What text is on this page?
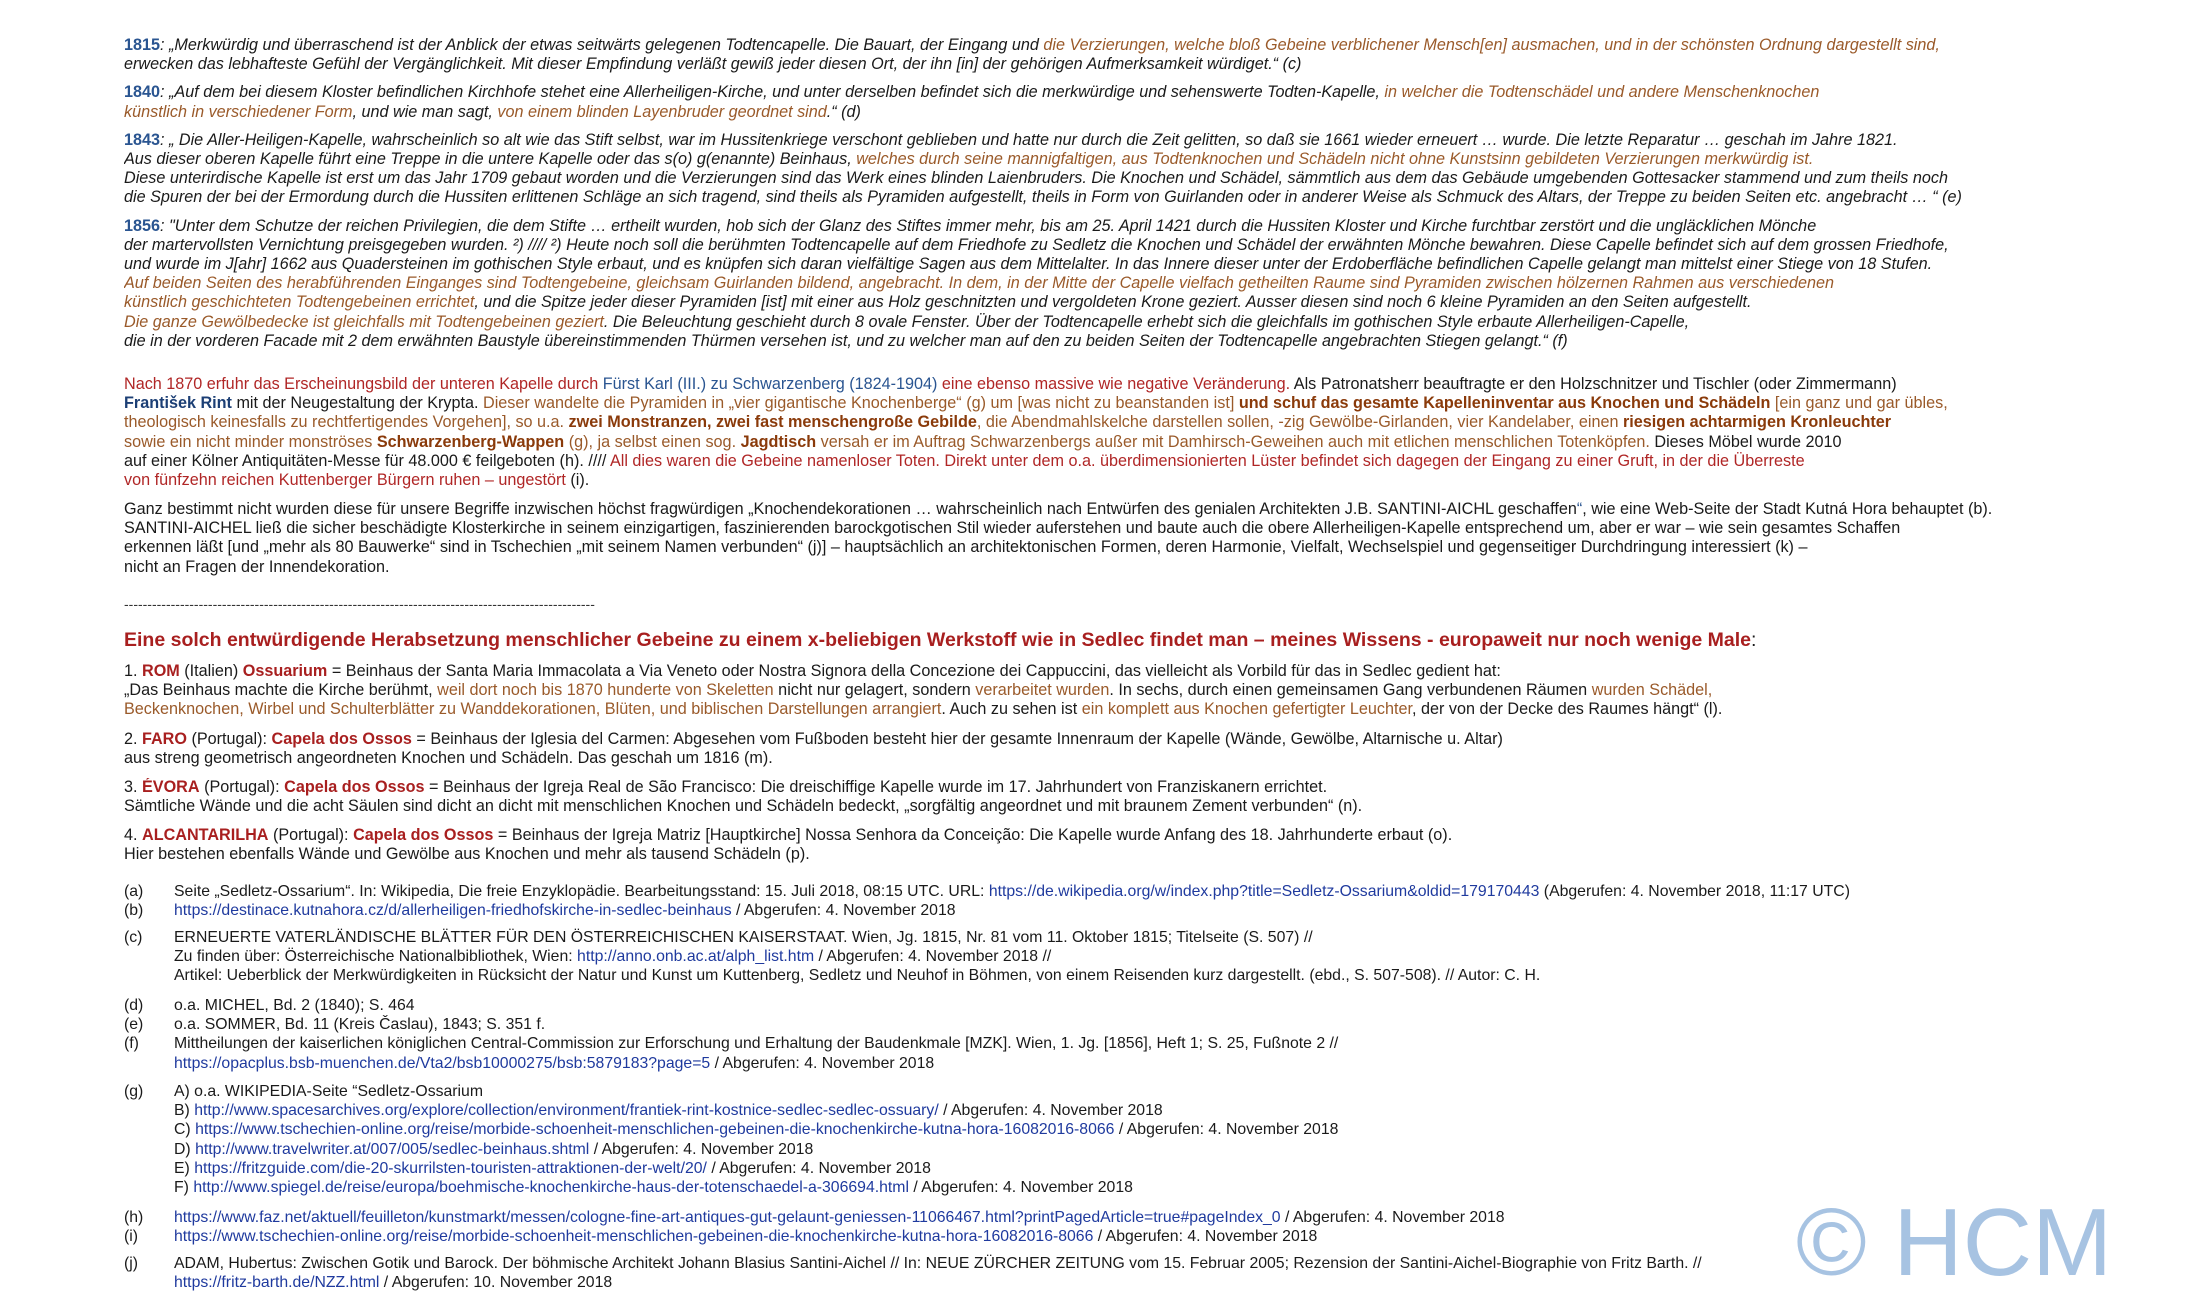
1815: „Merkwürdig und überraschend ist der Anblick der etwas seitwärts gelegenen Todtencapelle. Die Bauart, der Eingang und die Verzierungen, welche bloß Gebeine verblichener Mensch[en] ausmachen, und in der schönsten Ordnung dargestellt sind,

erwecken das lebhafteste Gefühl der Vergänglichkeit. Mit dieser Empfindung verläßt gewiß jeder diesen Ort, der ihn [in] der gehörigen Aufmerksamkeit würdiget.“ (c)

1840: „Auf dem bei diesem Kloster befindlichen Kirchhofe stehet eine Allerheiligen-Kirche, und unter derselben befindet sich die merkwürdige und sehenswerte Todten-Kapelle, in welcher die Todtenschädel und andere Menschenknochen

künstlich in verschiedener Form, und wie man sagt, von einem blinden Layenbruder geordnet sind.“ (d)

1843: „ Die Aller-Heiligen-Kapelle, wahrscheinlich so alt wie das Stift selbst, war im Hussitenkriege verschont geblieben und hatte nur durch die Zeit gelitten, so daß sie 1661 wieder erneuert … wurde. Die letzte Reparatur … geschah im Jahre 1821.

Aus dieser oberen Kapelle führt eine Treppe in die untere Kapelle oder das s(o) g(enannte) Beinhaus, welches durch seine mannigfaltigen, aus Todtenknochen und Schädeln nicht ohne Kunstsinn gebildeten Verzierungen merkwürdig ist.

Diese unterirdische Kapelle ist erst um das Jahr 1709 gebaut worden und die Verzierungen sind das Werk eines blinden Laienbruders. Die Knochen und Schädel, sämmtlich aus dem das Gebäude umgebenden Gottesacker stammend und zum theils noch

die Spuren der bei der Ermordung durch die Hussiten erlittenen Schläge an sich tragend, sind theils als Pyramiden aufgestellt, theils in Form von Guirlanden oder in anderer Weise als Schmuck des Altars, der Treppe zu beiden Seiten etc. angebracht … “ (e)

1856: "Unter dem Schutze der reichen Privilegien, die dem Stifte … ertheilt wurden, hob sich der Glanz des Stiftes immer mehr, bis am 25. April 1421 durch die Hussiten Kloster und Kirche furchtbar zerstört und die ungläcklichen Mönche

der martervollsten Vernichtung preisgegeben wurden. ²) //// ²) Heute noch soll die berühmten Todtencapelle auf dem Friedhofe zu Sedletz die Knochen und Schädel der erwähnten Mönche bewahren. Diese Capelle befindet sich auf dem grossen Friedhofe,

und wurde im J[ahr] 1662 aus Quadersteinen im gothischen Style erbaut, und es knüpfen sich daran vielfältige Sagen aus dem Mittelalter. In das Innere dieser unter der Erdoberfläche befindlichen Capelle gelangt man mittelst einer Stiege von 18 Stufen.

Auf beiden Seiten des herabführenden Einganges sind Todtengebeine, gleichsam Guirlanden bildend, angebracht. In dem, in der Mitte der Capelle vielfach getheilten Raume sind Pyramiden zwischen hölzernen Rahmen aus verschiedenen

künstlich geschichteten Todtengebeinen errichtet, und die Spitze jeder dieser Pyramiden [ist] mit einer aus Holz geschnitzten und vergoldeten Krone geziert. Ausser diesen sind noch 6 kleine Pyramiden an den Seiten aufgestellt.

Die ganze Gewölbedecke ist gleichfalls mit Todtengebeinen geziert. Die Beleuchtung geschieht durch 8 ovale Fenster. Über der Todtencapelle erhebt sich die gleichfalls im gothischen Style erbaute Allerheiligen-Capelle,

die in der vorderen Facade mit 2 dem erwähnten Baustyle übereinstimmenden Thürmen versehen ist, und zu welcher man auf den zu beiden Seiten der Todtencapelle angebrachten Stiegen gelangt.“ (f)

Nach 1870 erfuhr das Erscheinungsbild der unteren Kapelle durch Fürst Karl (III.) zu Schwarzenberg (1824-1904) eine ebenso massive wie negative Veränderung. Als Patronatsherr beauftragte er den Holzschnitzer und Tischler (oder Zimmermann)

František Rint mit der Neugestaltung der Krypta. Dieser wandelte die Pyramiden in „vier gigantische Knochenberge“ (g) um [was nicht zu beanstanden ist] und schuf das gesamte Kapelleninventar aus Knochen und Schädeln [ein ganz und gar übles,

theologisch keinesfalls zu rechtfertigendes Vorgehen], so u.a. zwei Monstranzen, zwei fast menschengroße Gebilde, die Abendmahlskelche darstellen sollen, -zig Gewölbe-Girlanden, vier Kandelaber, einen riesigen achtarmigen Kronleuchter

sowie ein nicht minder monströses Schwarzenberg-Wappen (g), ja selbst einen sog. Jagdtisch versah er im Auftrag Schwarzenbergs außer mit Damhirsch-Geweihen auch mit etlichen menschlichen Totenköpfen. Dieses Möbel wurde 2010

auf einer Kölner Antiquitäten-Messe für 48.000 € feilgeboten (h). //// All dies waren die Gebeine namenloser Toten. Direkt unter dem o.a. überdimensionierten Lüster befindet sich dagegen der Eingang zu einer Gruft, in der die Überreste

von fünfzehn reichen Kuttenberger Bürgern ruhen – ungestört (i).

Ganz bestimmt nicht wurden diese für unsere Begriffe inzwischen höchst fragwürdigen „Knochendekorationen … wahrscheinlich nach Entwürfen des genialen Architekten J.B. SANTINI-AICHL geschaffen“, wie eine Web-Seite der Stadt Kutná Hora behauptet (b).

SANTINI-AICHEL ließ die sicher beschädigte Klosterkirche in seinem einzigartigen, faszinierenden barockgotischen Stil wieder auferstehen und baute auch die obere Allerheiligen-Kapelle entsprechend um, aber er war – wie sein gesamtes Schaffen

erkennen läßt [und „mehr als 80 Bauwerke“ sind in Tschechien „mit seinem Namen verbunden“ (j)] – hauptsächlich an architektonischen Formen, deren Harmonie, Vielfalt, Wechselspiel und gegenseitiger Durchdringung interessiert (k) –

nicht an Fragen der Innendekoration.

-----------------------------------------------------------------------------------------------------
Eine solch entwürdigende Herabsetzung menschlicher Gebeine zu einem x-beliebigen Werkstoff wie in Sedlec findet man – meines Wissens - europaweit nur noch wenige Male:

1. ROM (Italien) Ossuarium = Beinhaus der Santa Maria Immacolata a Via Veneto oder Nostra Signora della Concezione dei Cappuccini, das vielleicht als Vorbild für das in Sedlec gedient hat:

„Das Beinhaus machte die Kirche berühmt, weil dort noch bis 1870 hunderte von Skeletten nicht nur gelagert, sondern verarbeitet wurden. In sechs, durch einen gemeinsamen Gang verbundenen Räumen wurden Schädel,

Beckenknochen, Wirbel und Schulterblätter zu Wanddekorationen, Blüten, und biblischen Darstellungen arrangiert. Auch zu sehen ist ein komplett aus Knochen gefertigter Leuchter, der von der Decke des Raumes hängt“ (l).

2. FARO (Portugal): Capela dos Ossos = Beinhaus der Iglesia del Carmen: Abgesehen vom Fußboden besteht hier der gesamte Innenraum der Kapelle (Wände, Gewölbe, Altarnische u. Altar)

aus streng geometrisch angeordneten Knochen und Schädeln. Das geschah um 1816 (m).

3. ÉVORA (Portugal): Capela dos Ossos = Beinhaus der Igreja Real de São Francisco: Die dreischiffige Kapelle wurde im 17. Jahrhundert von Franziskanern errichtet.

Sämtliche Wände und die acht Säulen sind dicht an dicht mit menschlichen Knochen und Schädeln bedeckt, „sorgfältig angeordnet und mit braunem Zement verbunden“ (n).

4. ALCANTARILHA (Portugal): Capela dos Ossos = Beinhaus der Igreja Matriz [Hauptkirche] Nossa Senhora da Conceição: Die Kapelle wurde Anfang des 18. Jahrhunderte erbaut (o).

Hier bestehen ebenfalls Wände und Gewölbe aus Knochen und mehr als tausend Schädeln (p).

(a)	Seite „Sedletz-Ossarium“. In: Wikipedia, Die freie Enzyklopädie. Bearbeitungsstand: 15. Juli 2018, 08:15 UTC. URL: https://de.wikipedia.org/w/index.php?title=Sedletz-Ossarium&oldid=179170443 (Abgerufen: 4. November 2018, 11:17 UTC)

(b)	https://destinace.kutnahora.cz/d/allerheiligen-friedhofskirche-in-sedlec-beinhaus / Abgerufen: 4. November 2018

(c)	ERNEUERTE VATERLÄNDISCHE BLÄTTER FÜR DEN ÖSTERREICHISCHEN KAISERSTAAT. Wien, Jg. 1815, Nr. 81 vom 11. Oktober 1815; Titelseite (S. 507) //

Zu finden über: Österreichische Nationalbibliothek, Wien: http://anno.onb.ac.at/alph_list.htm / Abgerufen: 4. November 2018 //

Artikel: Ueberblick der Merkwürdigkeiten in Rücksicht der Natur und Kunst um Kuttenberg, Sedletz und Neuhof in Böhmen, von einem Reisenden kurz dargestellt. (ebd., S. 507-508). // Autor: C. H.

(d)	o.a. MICHEL, Bd. 2 (1840); S. 464

(e)	o.a. SOMMER, Bd. 11 (Kreis Časlau), 1843; S. 351 f.

(f)	Mittheilungen der kaiserlichen königlichen Central-Commission zur Erforschung und Erhaltung der Baudenkmale [MZK]. Wien, 1. Jg. [1856], Heft 1; S. 25, Fußnote 2 //

https://opacplus.bsb-muenchen.de/Vta2/bsb10000275/bsb:5879183?page=5 / Abgerufen: 4. November 2018

(g)	A) o.a. WIKIPEDIA-Seite “Sedletz-Ossarium

B) http://www.spacesarchives.org/explore/collection/environment/frantiek-rint-kostnice-sedlec-sedlec-ossuary/ / Abgerufen: 4. November 2018

C) https://www.tschechien-online.org/reise/morbide-schoenheit-menschlichen-gebeinen-die-knochenkirche-kutna-hora-16082016-8066 / Abgerufen: 4. November 2018

D) http://www.travelwriter.at/007/005/sedlec-beinhaus.shtml / Abgerufen: 4. November 2018

E) https://fritzguide.com/die-20-skurrilsten-touristen-attraktionen-der-welt/20/ / Abgerufen: 4. November 2018

F) http://www.spiegel.de/reise/europa/boehmische-knochenkirche-haus-der-totenschaedel-a-306694.html / Abgerufen: 4. November 2018

(h)	https://www.faz.net/aktuell/feuilleton/kunstmarkt/messen/cologne-fine-art-antiques-gut-gelaunt-geniessen-11066467.html?printPagedArticle=true#pageIndex_0 / Abgerufen: 4. November 2018

(i)	https://www.tschechien-online.org/reise/morbide-schoenheit-menschlichen-gebeinen-die-knochenkirche-kutna-hora-16082016-8066 / Abgerufen: 4. November 2018

(j)	ADAM, Hubertus: Zwischen Gotik und Barock. Der böhmische Architekt Johann Blasius Santini-Aichel // In: NEUE ZÜRCHER ZEITUNG vom 15. Februar 2005; Rezension der Santini-Aichel-Biographie von Fritz Barth. //

https://fritz-barth.de/NZZ.html / Abgerufen: 10. November 2018	© HCM
